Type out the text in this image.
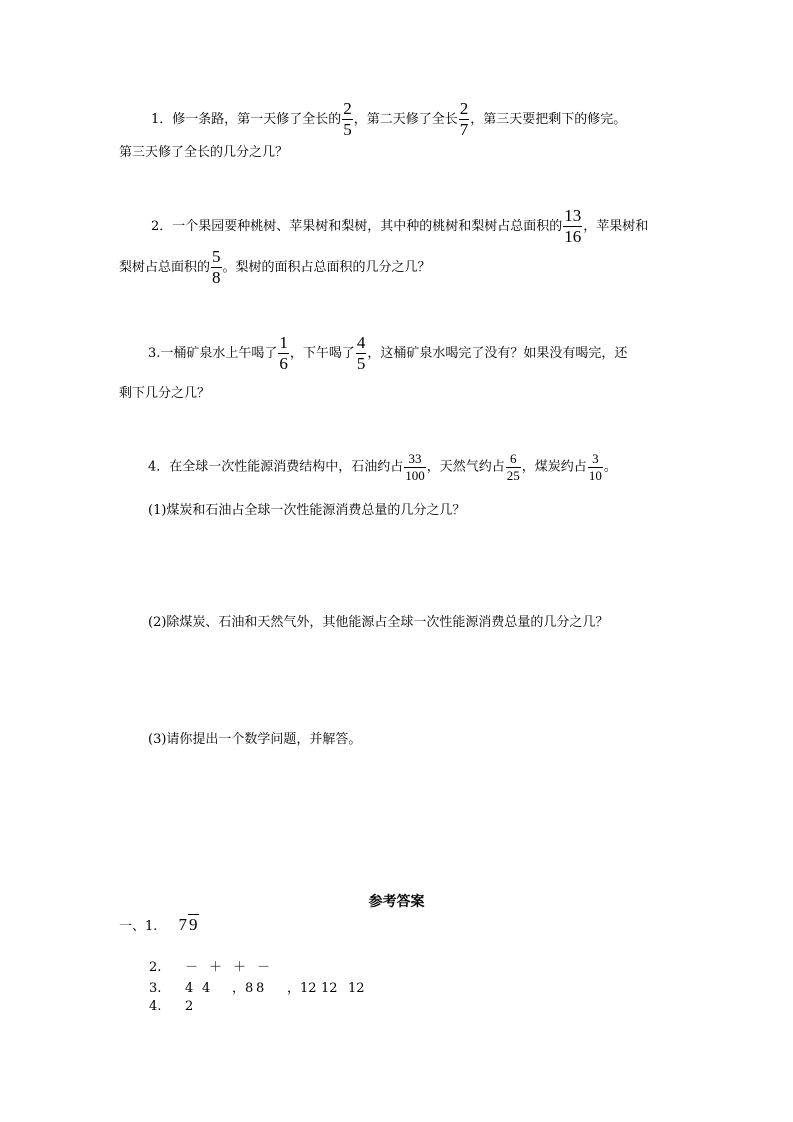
1．修一条路，第一天修了全长的 $\frac{2}{5}$ ，第二天修了全长 $\frac{2}{7}$ ，第三天要把剩下的修完。
第三天修了全长的几分之几？
2．一个果园要种桃树、苹果树和梨树，其中种的桃树和梨树占总面积的 $\frac{13}{16}$ ，苹果树和
梨树占总面积的 $\frac{5}{8}$ 。梨树的面积占总面积的几分之几？
3.一桶矿泉水上午喝了 $\frac{1}{6}$ ，下午喝了 $\frac{4}{5}$ ，这桶矿泉水喝完了没有？如果没有喝完，还
剩下几分之几？
4．在全球一次性能源消费结构中，石油约占 $\frac{33}{100}$ ，天然气约占 $\frac{6}{25}$ ，煤炭约占 $\frac{3}{10}$ 。
(1)煤炭和石油占全球一次性能源消费总量的几分之几？
(2)除煤炭、石油和天然气外，其他能源占全球一次性能源消费总量的几分之几？
(3)请你提出一个数学问题，并解答。
参考答案
一、1. 7 9
2. － ＋ ＋ －
3. 4 4 ，8 8 ，12 12 12
4. 2
